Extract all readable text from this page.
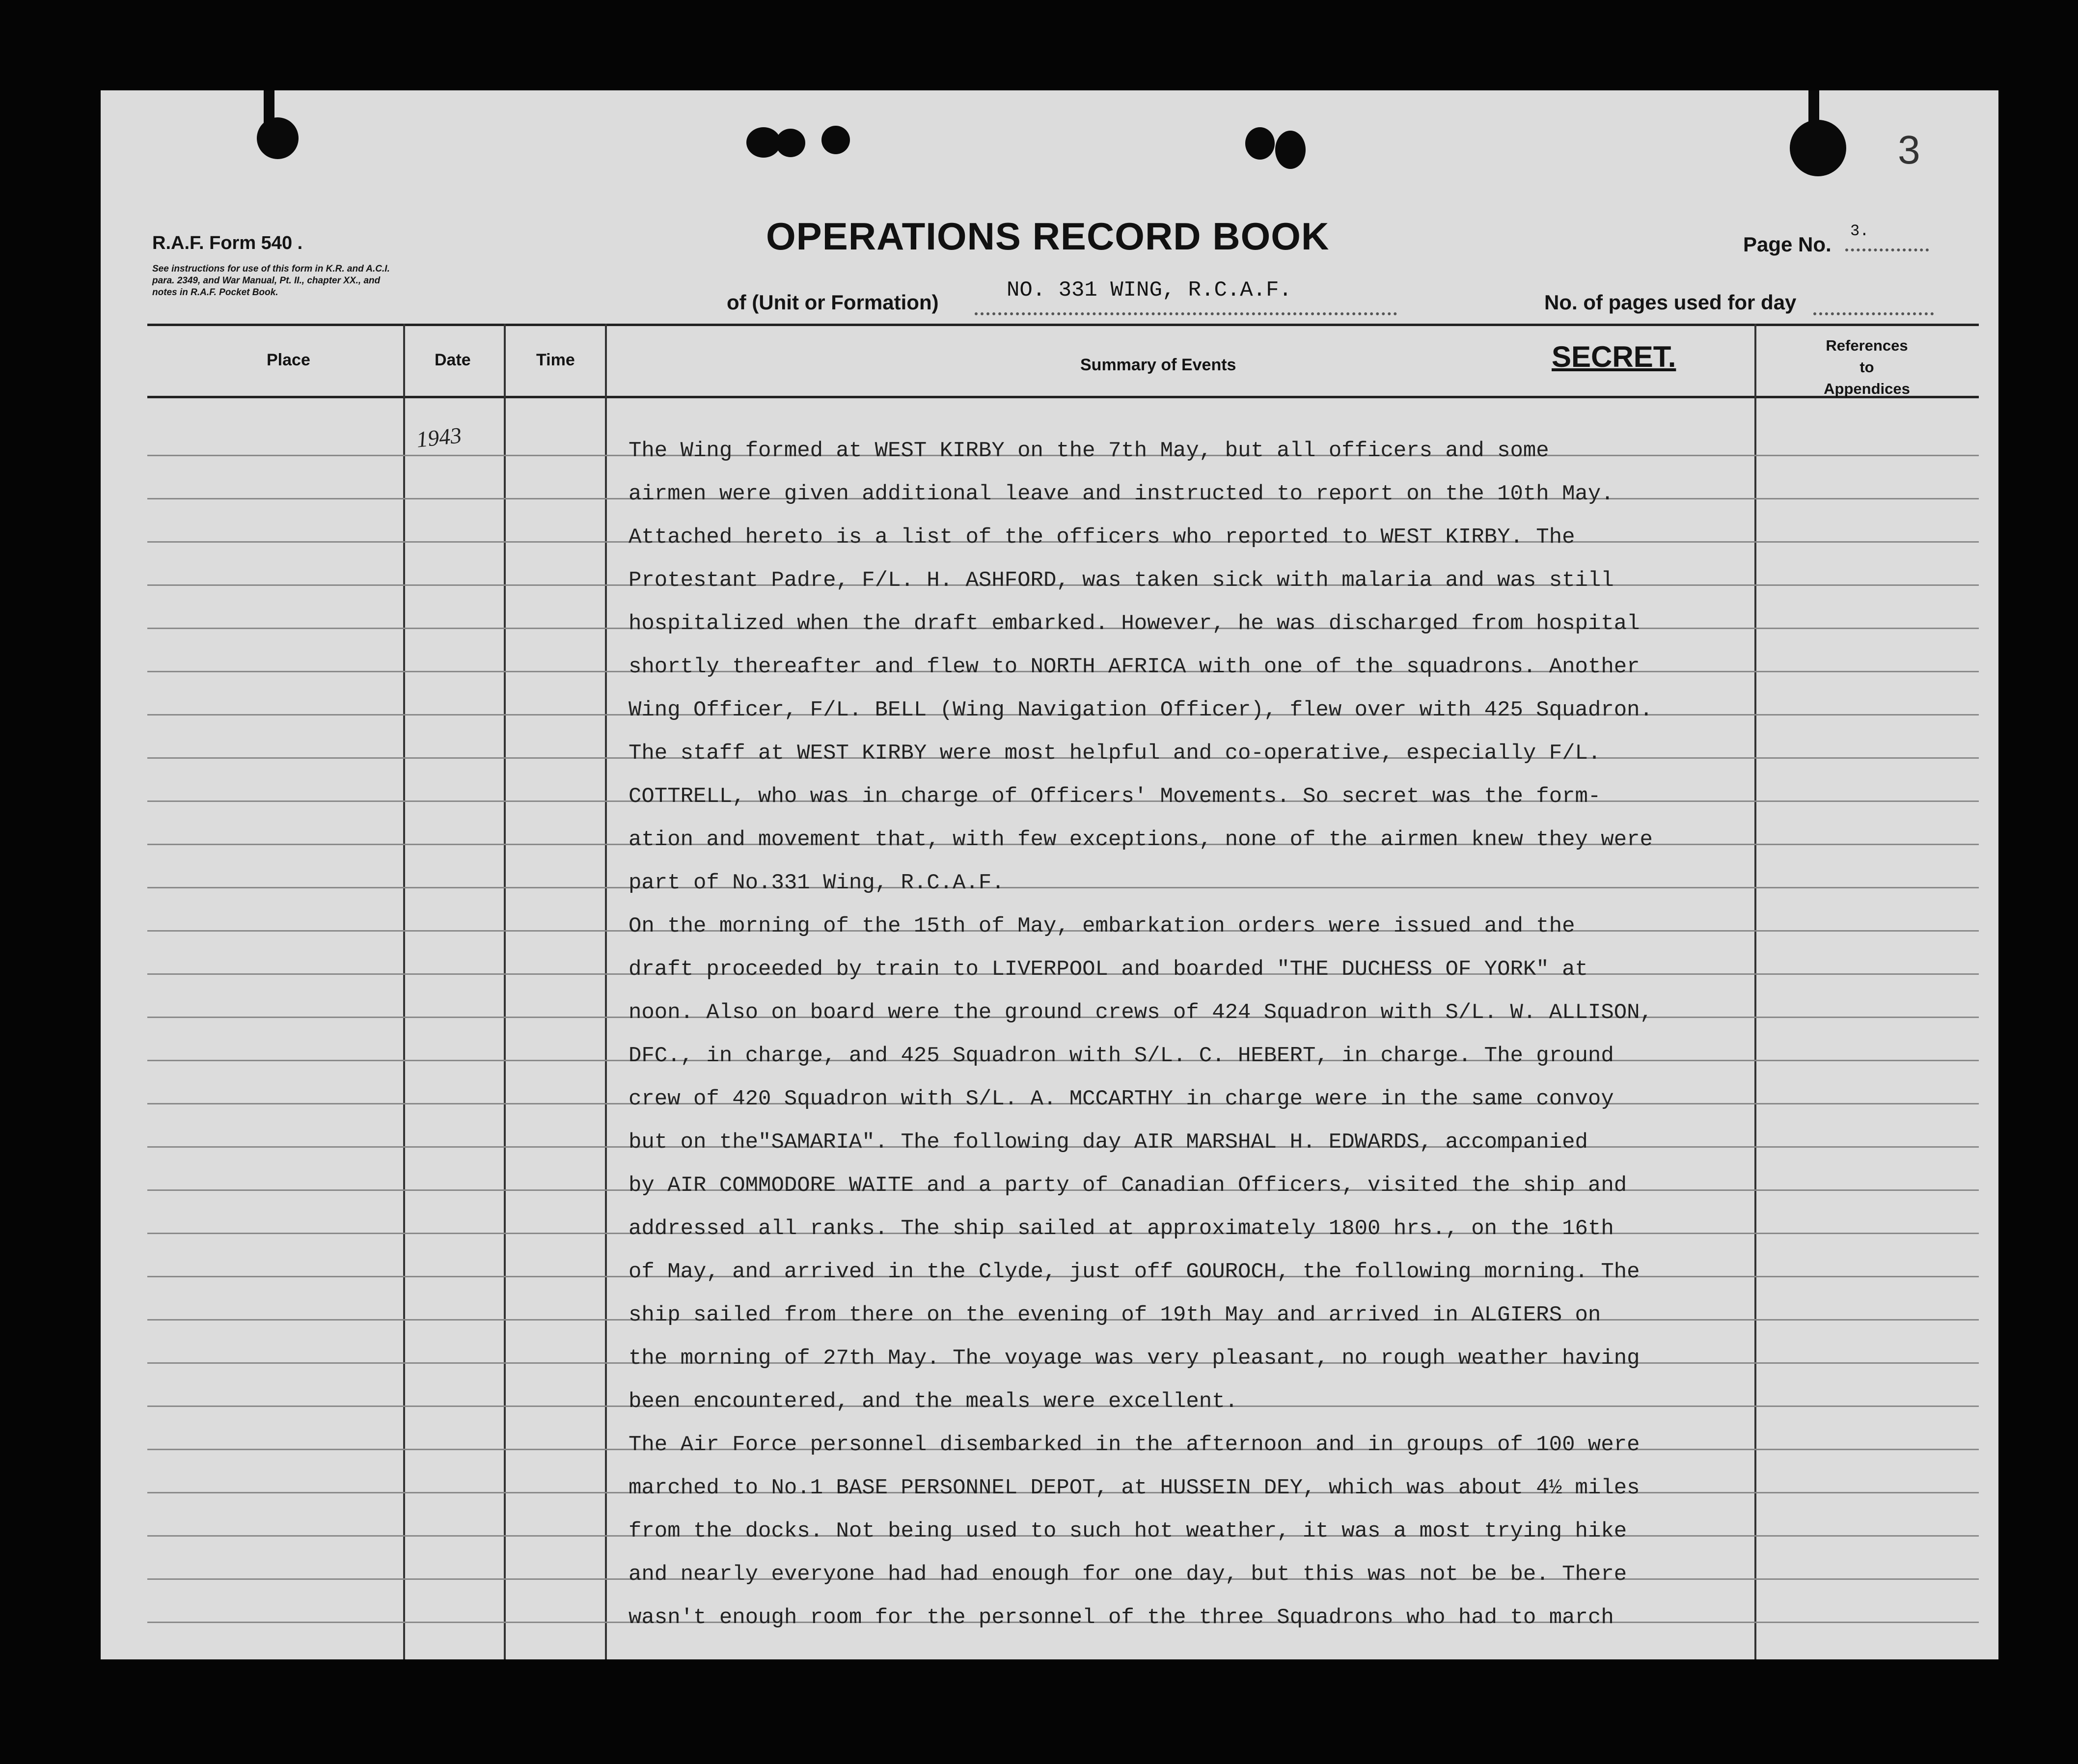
R.A.F. Form 540 .
See instructions for use of this form in K.R. and A.C.I.
para. 2349, and War Manual, Pt. II., chapter XX., and
notes in R.A.F. Pocket Book.
OPERATIONS RECORD BOOK
of (Unit or Formation)	NO. 331 WING, R.C.A.F.
Page No.
3.
No. of pages used for day
3
Place	Date	Time	Summary of Events	SECRET.	References
to
Appendices
1943	The Wing formed at WEST KIRBY on the 7th May, but all officers and some
airmen were given additional leave and instructed to report on the 10th May.
Attached hereto is a list of the officers who reported to WEST KIRBY. The
Protestant Padre, F/L. H. ASHFORD, was taken sick with malaria and was still
hospitalized when the draft embarked. However, he was discharged from hospital
shortly thereafter and flew to NORTH AFRICA with one of the squadrons. Another
Wing Officer, F/L. BELL (Wing Navigation Officer), flew over with 425 Squadron.
The staff at WEST KIRBY were most helpful and co-operative, especially F/L.
COTTRELL, who was in charge of Officers' Movements. So secret was the form-
ation and movement that, with few exceptions, none of the airmen knew they were
part of No.331 Wing, R.C.A.F.
On the morning of the 15th of May, embarkation orders were issued and the
draft proceeded by train to LIVERPOOL and boarded "THE DUCHESS OF YORK" at
noon. Also on board were the ground crews of 424 Squadron with S/L. W. ALLISON,
DFC., in charge, and 425 Squadron with S/L. C. HEBERT, in charge. The ground
crew of 420 Squadron with S/L. A. MCCARTHY in charge were in the same convoy
but on the"SAMARIA". The following day AIR MARSHAL H. EDWARDS, accompanied
by AIR COMMODORE WAITE and a party of Canadian Officers, visited the ship and
addressed all ranks. The ship sailed at approximately 1800 hrs., on the 16th
of May, and arrived in the Clyde, just off GOUROCH, the following morning. The
ship sailed from there on the evening of 19th May and arrived in ALGIERS on
the morning of 27th May. The voyage was very pleasant, no rough weather having
been encountered, and the meals were excellent.
The Air Force personnel disembarked in the afternoon and in groups of 100 were
marched to No.1 BASE PERSONNEL DEPOT, at HUSSEIN DEY, which was about 4½ miles
from the docks. Not being used to such hot weather, it was a most trying hike
and nearly everyone had had enough for one day, but this was not be be. There
wasn't enough room for the personnel of the three Squadrons who had to march
